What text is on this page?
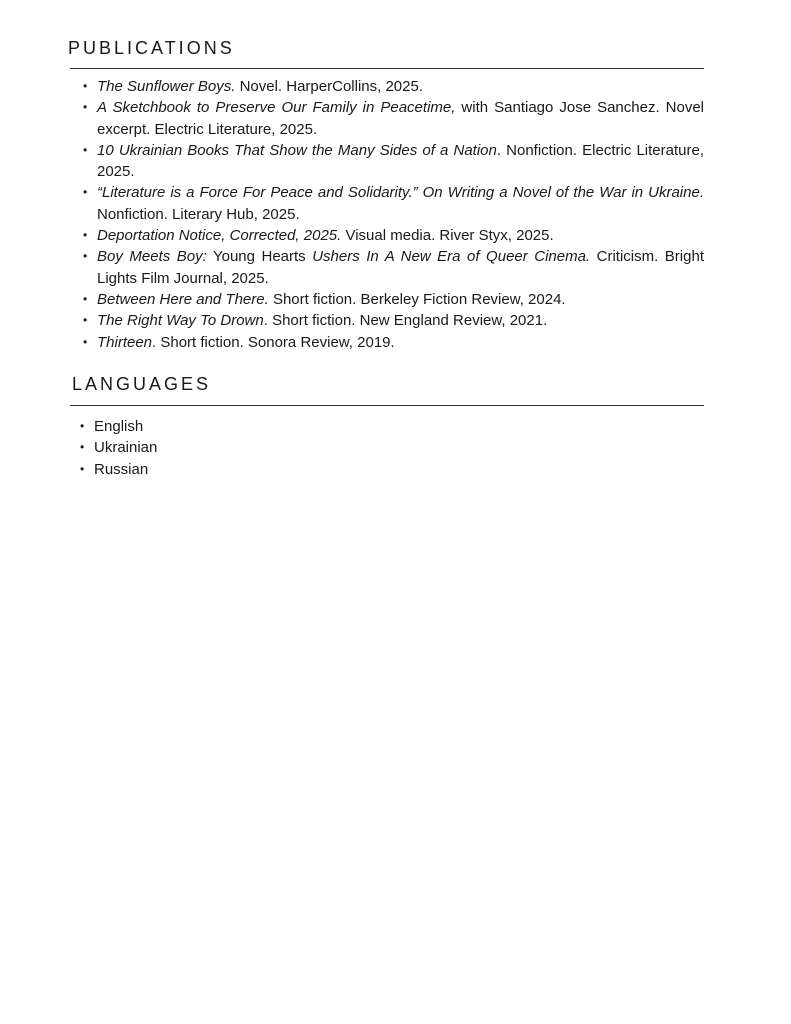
PUBLICATIONS
• The Sunflower Boys. Novel. HarperCollins, 2025.
• A Sketchbook to Preserve Our Family in Peacetime, with Santiago Jose Sanchez. Novel excerpt. Electric Literature, 2025.
• 10 Ukrainian Books That Show the Many Sides of a Nation. Nonfiction. Electric Literature, 2025.
• “Literature is a Force For Peace and Solidarity.” On Writing a Novel of the War in Ukraine. Nonfiction. Literary Hub, 2025.
• Deportation Notice, Corrected, 2025. Visual media. River Styx, 2025.
• Boy Meets Boy: Young Hearts Ushers In A New Era of Queer Cinema. Criticism. Bright Lights Film Journal, 2025.
• Between Here and There. Short fiction. Berkeley Fiction Review, 2024.
• The Right Way To Drown. Short fiction. New England Review, 2021.
• Thirteen. Short fiction. Sonora Review, 2019.
LANGUAGES
• English
• Ukrainian
• Russian
